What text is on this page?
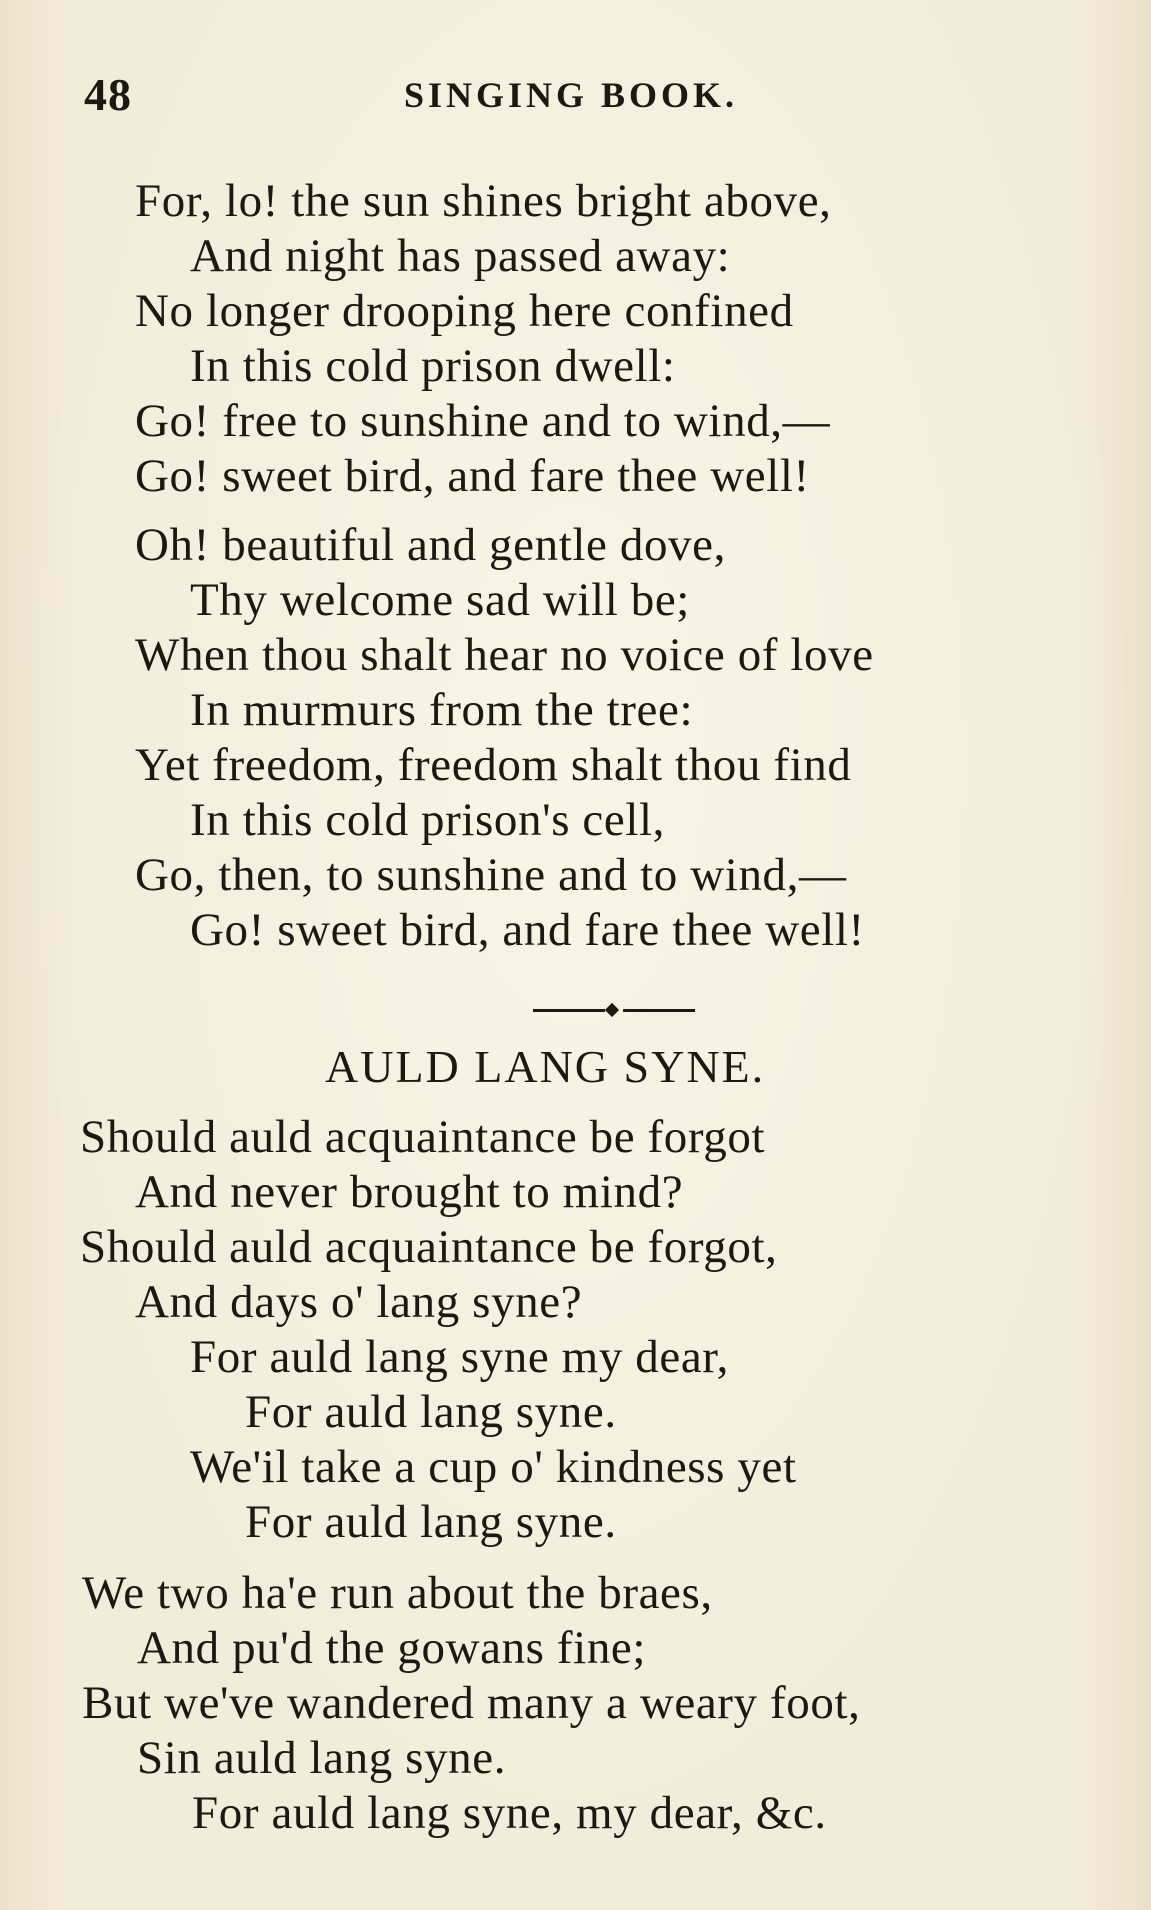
48	SINGING BOOK.
For, lo! the sun shines bright above,
And night has passed away:
No longer drooping here confined
In this cold prison dwell:
Go! free to sunshine and to wind,—
Go! sweet bird, and fare thee well!
Oh! beautiful and gentle dove,
Thy welcome sad will be;
When thou shalt hear no voice of love
In murmurs from the tree:
Yet freedom, freedom shalt thou find
In this cold prison's cell,
Go, then, to sunshine and to wind,—
Go! sweet bird, and fare thee well!
AULD LANG SYNE.
Should auld acquaintance be forgot
And never brought to mind?
Should auld acquaintance be forgot,
And days o' lang syne?
For auld lang syne my dear,
For auld lang syne.
We'il take a cup o' kindness yet
For auld lang syne.
We two ha'e run about the braes,
And pu'd the gowans fine;
But we've wandered many a weary foot,
Sin auld lang syne.
For auld lang syne, my dear, &c.
